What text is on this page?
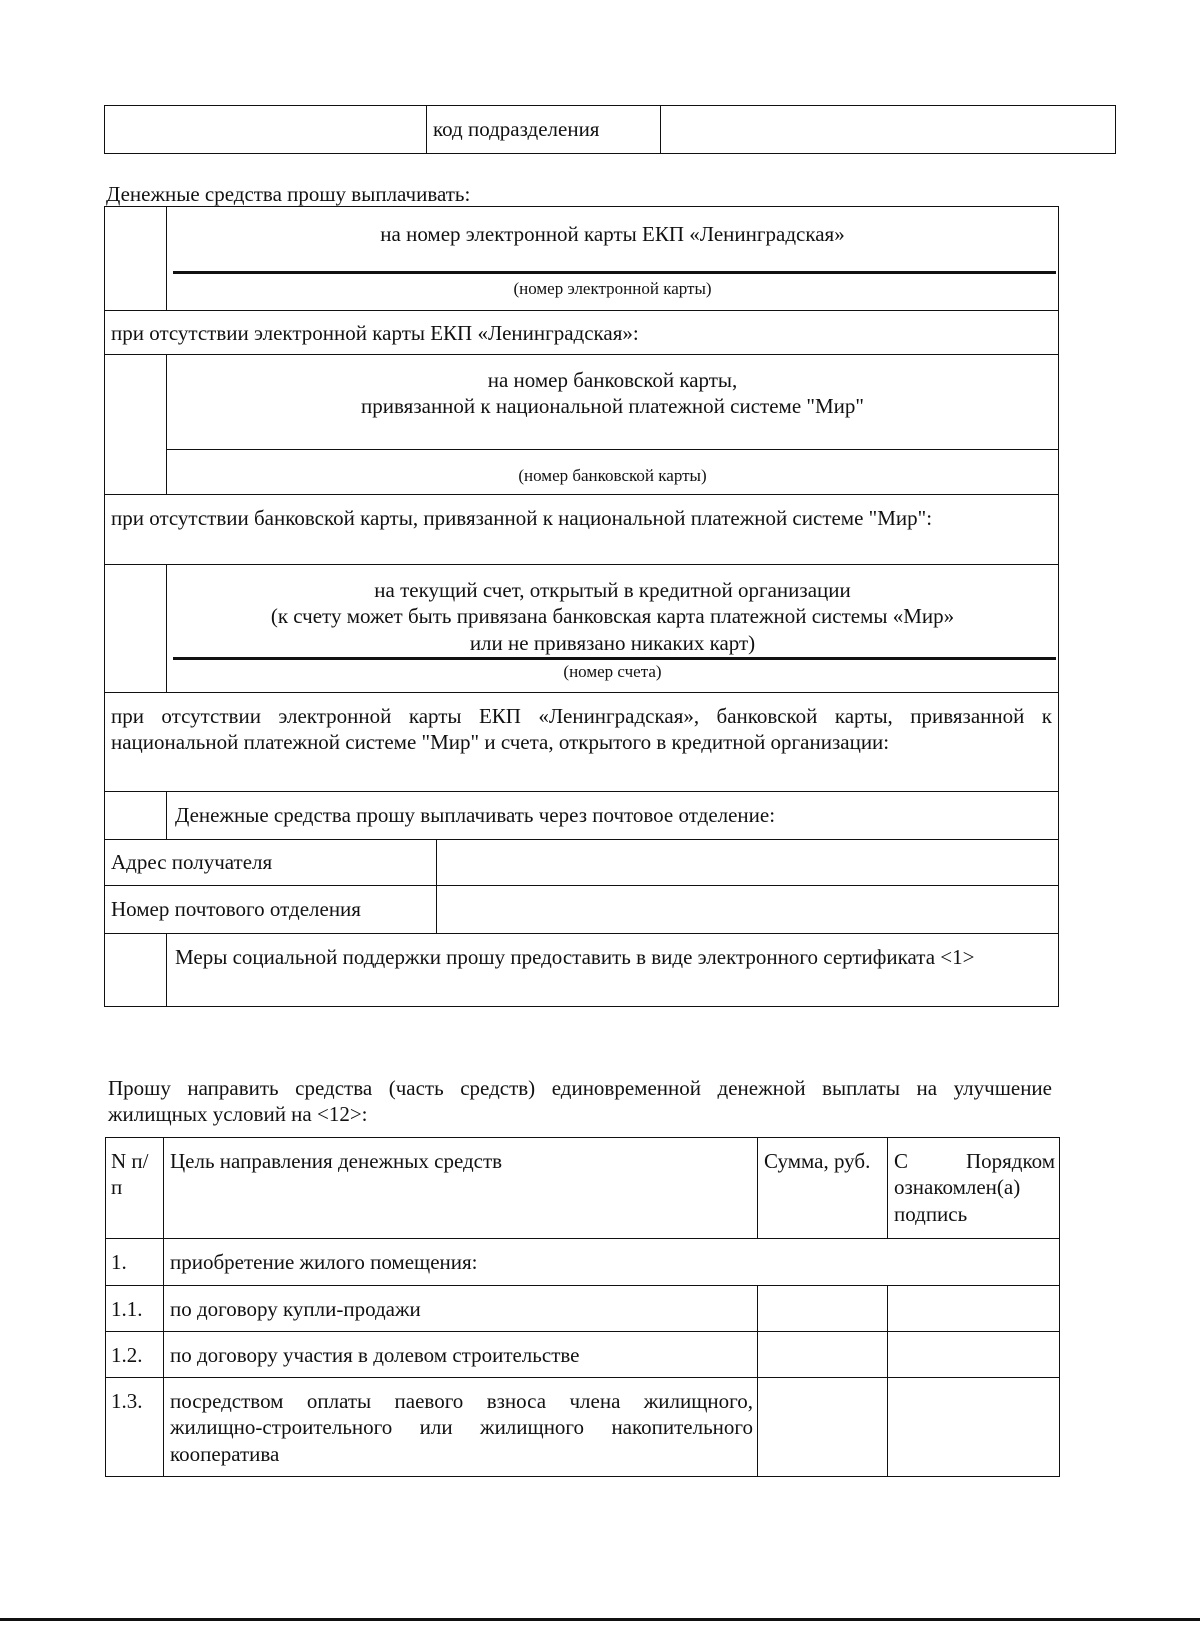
	код подразделения	
Денежные средства прошу выплачивать:

	на номер электронной карты ЕКП «Ленинградская»
(номер электронной карты)	

при отсутствии электронной карты ЕКП «Ленинградская»:		

	на номер банковской карты,
привязанной к национальной платежной системе "Мир"
(номер банковской карты)	

при отсутствии банковской карты, привязанной к национальной платежной системе "Мир":		

	на текущий счет, открытый в кредитной организации
(к счету может быть привязана банковская карта платежной системы «Мир»
или не привязано никаких карт)
(номер счета)	

при отсутствии электронной карты ЕКП «Ленинградская», банковской карты, привязанной к национальной платежной системе "Мир" и счета, открытого в кредитной организации:		
	Денежные средства прошу выплачивать через почтовое отделение:	
Адрес получателя		
Номер почтового отделения		
	Меры социальной поддержки прошу предоставить в виде электронного сертификата <1>	
Прошу направить средства (часть средств) единовременной денежной выплаты на улучшение жилищных условий на <12>:
N п/п	Цель направления денежных средств	Сумма, руб.	С Порядком ознакомлен(а) подпись
1.	приобретение жилого помещения:		
1.1.	по договору купли-продажи		
1.2.	по договору участия в долевом строительстве		
1.3.	посредством оплаты паевого взноса члена жилищного, жилищно-строительного или жилищного накопительного кооператива		
